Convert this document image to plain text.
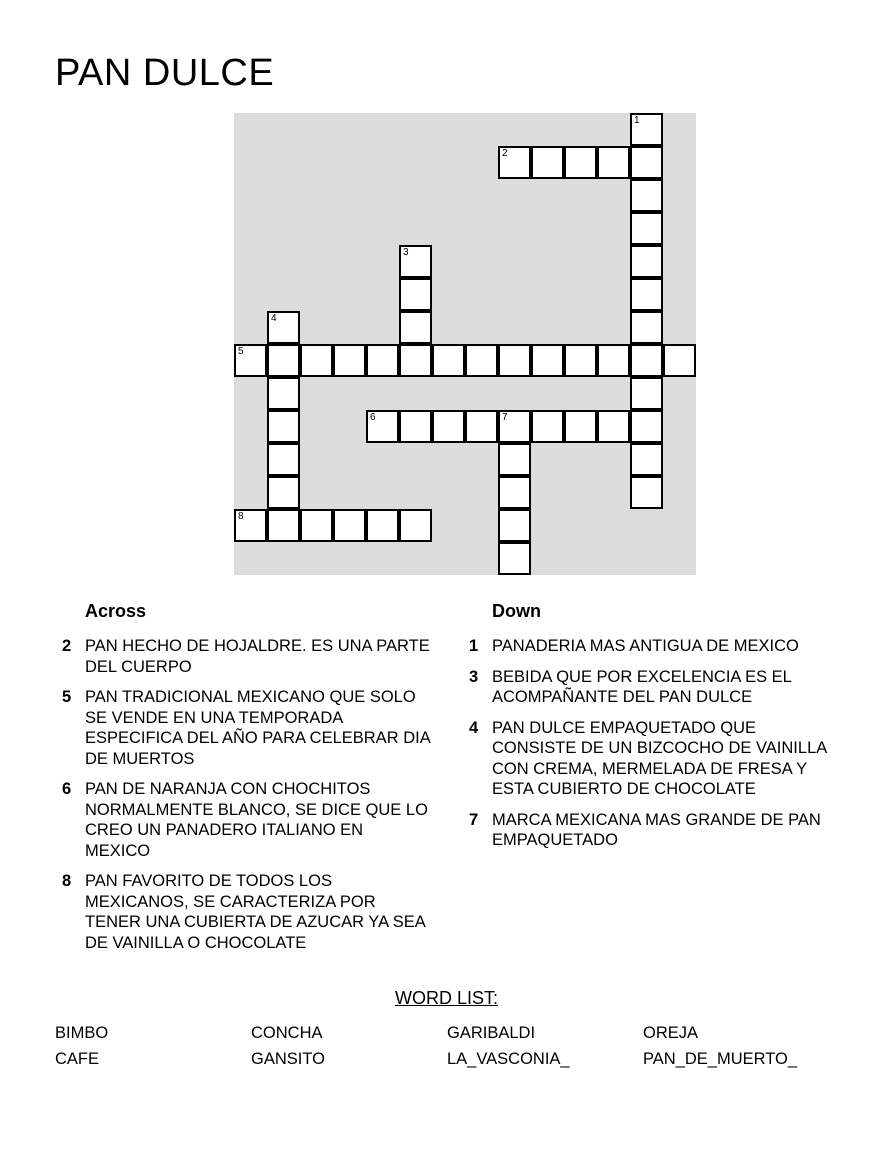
PAN DULCE
1
2
3
4
5
6	7
8
Across
2 PAN HECHO DE HOJALDRE. ES UNA PARTE DEL CUERPO
5 PAN TRADICIONAL MEXICANO QUE SOLO SE VENDE EN UNA TEMPORADA ESPECIFICA DEL AÑO PARA CELEBRAR DIA DE MUERTOS
6 PAN DE NARANJA CON CHOCHITOS NORMALMENTE BLANCO, SE DICE QUE LO CREO UN PANADERO ITALIANO EN MEXICO
8 PAN FAVORITO DE TODOS LOS MEXICANOS, SE CARACTERIZA POR TENER UNA CUBIERTA DE AZUCAR YA SEA DE VAINILLA O CHOCOLATE
Down
1 PANADERIA MAS ANTIGUA DE MEXICO
3 BEBIDA QUE POR EXCELENCIA ES EL ACOMPAÑANTE DEL PAN DULCE
4 PAN DULCE EMPAQUETADO QUE CONSISTE DE UN BIZCOCHO DE VAINILLA CON CREMA, MERMELADA DE FRESA Y ESTA CUBIERTO DE CHOCOLATE
7 MARCA MEXICANA MAS GRANDE DE PAN EMPAQUETADO
WORD LIST:
BIMBO	CONCHA	GARIBALDI	OREJA
CAFE	GANSITO	LA_VASCONIA_	PAN_DE_MUERTO_
